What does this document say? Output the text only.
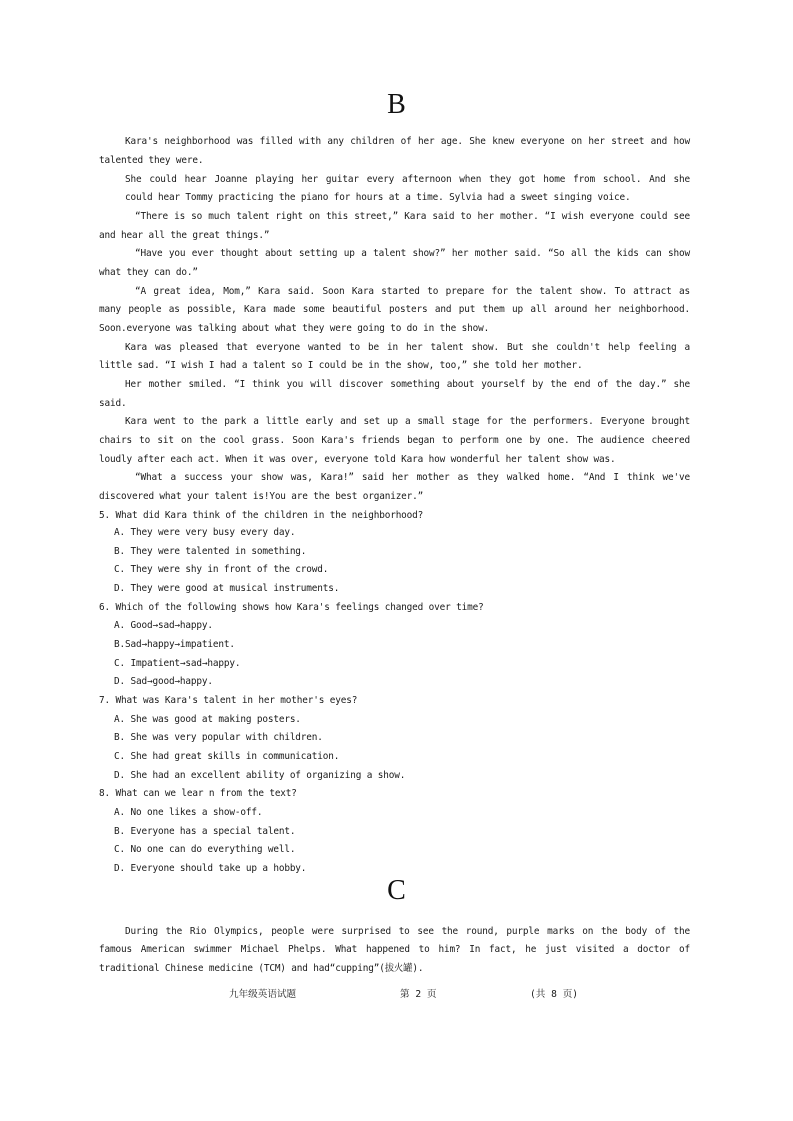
B
Kara's neighborhood was filled with any children of her age. She knew everyone on her street and how
talented they were.
She could hear Joanne playing her guitar every afternoon when they got home from school. And she
could hear Tommy practicing the piano for hours at a time. Sylvia had a sweet singing voice.
“There is so much talent right on this street,” Kara said to her mother. “I wish everyone could see
and hear all the great things.”
“Have you ever thought about setting up a talent show?” her mother said. “So all the kids can show
what they can do.”
“A great idea, Mom,” Kara said. Soon Kara started to prepare for the talent show. To attract as
many people as possible, Kara made some beautiful posters and put them up all around her neighborhood.
Soon.everyone was talking about what they were going to do in the show.
Kara was pleased that everyone wanted to be in her talent show. But she couldn't help feeling a
little sad. “I wish I had a talent so I could be in the show, too,” she told her mother.
Her mother smiled. “I think you will discover something about yourself by the end of the day.” she
said.
Kara went to the park a little early and set up a small stage for the performers. Everyone brought
chairs to sit on the cool grass. Soon Kara's friends began to perform one by one. The audience cheered
loudly after each act. When it was over, everyone told Kara how wonderful her talent show was.
“What a success your show was, Kara!” said her mother as they walked home. “And I think we've
discovered what your talent is!You are the best organizer.”
5. What did Kara think of the children in the neighborhood?
A. They were very busy every day.
B. They were talented in something.
C. They were shy in front of the crowd.
D. They were good at musical instruments.
6. Which of the following shows how Kara's feelings changed over time?
A. Good→sad→happy.
B.Sad→happy→impatient.
C. Impatient→sad→happy.
D. Sad→good→happy.
7. What was Kara's talent in her mother's eyes?
A. She was good at making posters.
B. She was very popular with children.
C. She had great skills in communication.
D. She had an excellent ability of organizing a show.
8. What can we lear n from the text?
A. No one likes a show-off.
B. Everyone has a special talent.
C. No one can do everything well.
D. Everyone should take up a hobby.
C
During the Rio Olympics, people were surprised to see the round, purple marks on the body of the
famous American swimmer Michael Phelps. What happened to him? In fact, he just visited a doctor of
traditional Chinese medicine (TCM) and had“cupping”(拔火罐).
九年级英语试题	第 2 页	(共 8 页)
